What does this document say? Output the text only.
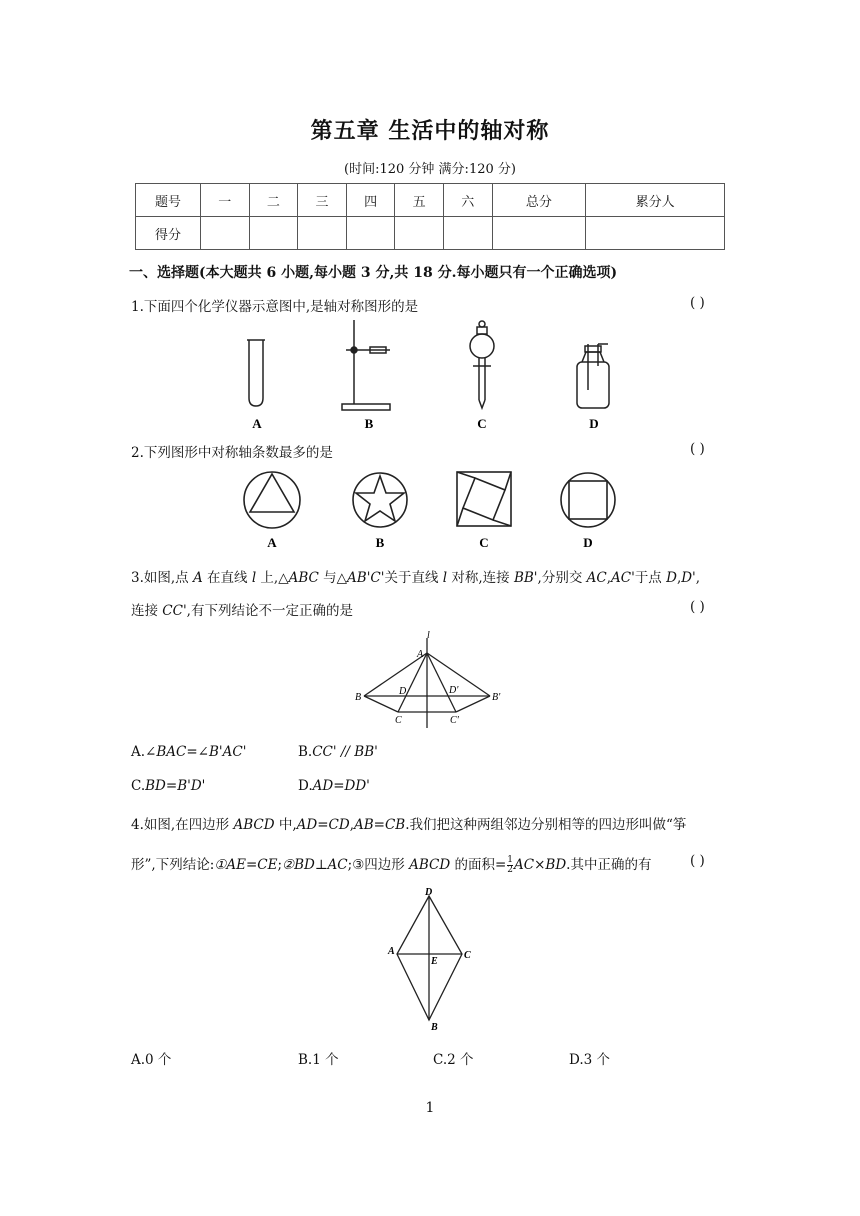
第五章 生活中的轴对称
(时间:120 分钟 满分:120 分)
题号	一	二	三	四	五	六	总分	累分人
得分								
一、选择题(本大题共 6 小题,每小题 3 分,共 18 分.每小题只有一个正确选项)
1.下面四个化学仪器示意图中,是轴对称图形的是	( )
A	B	C	D
2.下列图形中对称轴条数最多的是	( )
A	B	C	D
3.如图,点 A 在直线 l 上,△ABC 与△AB'C'关于直线 l 对称,连接 BB',分别交 AC,AC'于点 D,D',
连接 CC',有下列结论不一定正确的是	( )
l
A
B
D	D'
B'
C	C'
A.∠BAC=∠B'AC'	B.CC' // BB'
C.BD=B'D'	D.AD=DD'
4.如图,在四边形 ABCD 中,AD=CD,AB=CB.我们把这种两组邻边分别相等的四边形叫做“筝
形”,下列结论:①AE=CE;②BD⊥AC;③四边形 ABCD 的面积= $\frac{1}{2} AC\times BD$.其中正确的有	( )
D
A	C
E
B
A.0 个	B.1 个	C.2 个	D.3 个
1
